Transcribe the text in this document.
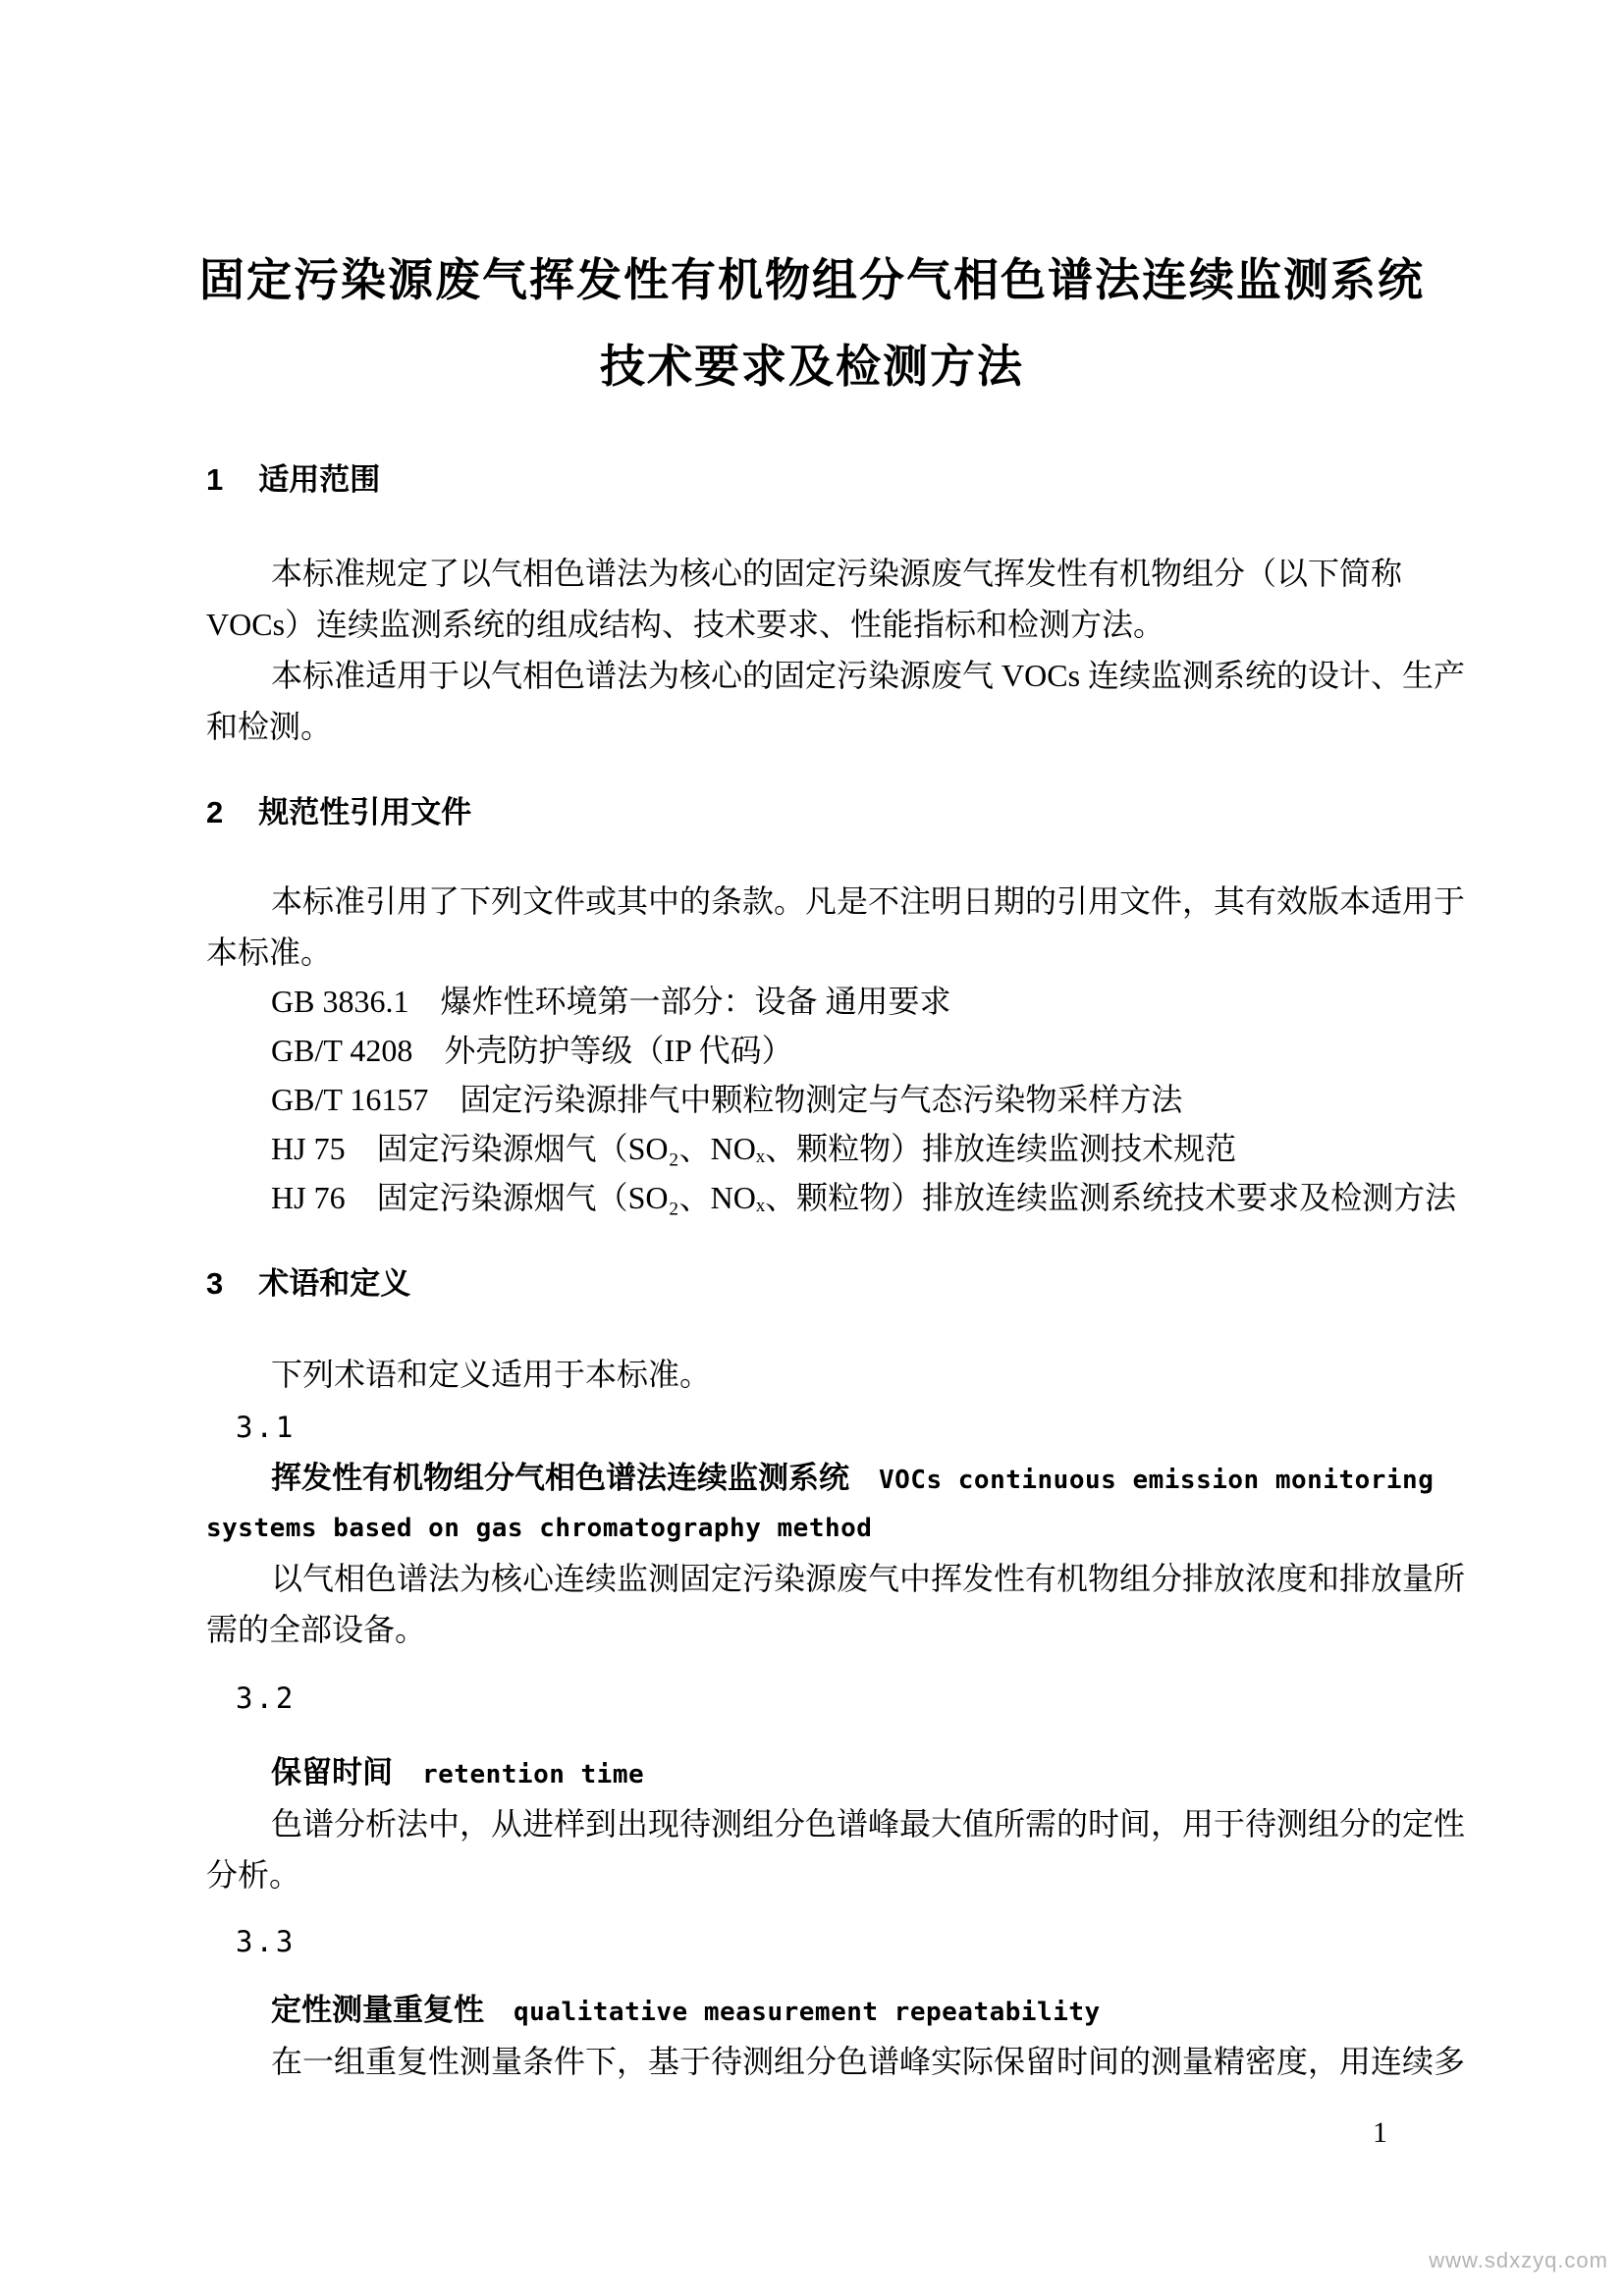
固定污染源废气挥发性有机物组分气相色谱法连续监测系统
技术要求及检测方法
1 适用范围
本标准规定了以气相色谱法为核心的固定污染源废气挥发性有机物组分（以下简称
VOCs）连续监测系统的组成结构、技术要求、性能指标和检测方法。
本标准适用于以气相色谱法为核心的固定污染源废气 VOCs 连续监测系统的设计、生产
和检测。
2 规范性引用文件
本标准引用了下列文件或其中的条款。凡是不注明日期的引用文件，其有效版本适用于
本标准。
GB 3836.1　爆炸性环境第一部分：设备 通用要求
GB/T 4208　外壳防护等级（IP 代码）
GB/T 16157　固定污染源排气中颗粒物测定与气态污染物采样方法
HJ 75　固定污染源烟气（SO₂、NOₓ、颗粒物）排放连续监测技术规范
HJ 76　固定污染源烟气（SO₂、NOₓ、颗粒物）排放连续监测系统技术要求及检测方法
3 术语和定义
下列术语和定义适用于本标准。
3.1
挥发性有机物组分气相色谱法连续监测系统 VOCs continuous emission monitoring
systems based on gas chromatography method
以气相色谱法为核心连续监测固定污染源废气中挥发性有机物组分排放浓度和排放量所
需的全部设备。
3.2
保留时间 retention time
色谱分析法中，从进样到出现待测组分色谱峰最大值所需的时间，用于待测组分的定性
分析。
3.3
定性测量重复性 qualitative measurement repeatability
在一组重复性测量条件下，基于待测组分色谱峰实际保留时间的测量精密度，用连续多
1
www.sdxzyq.com
